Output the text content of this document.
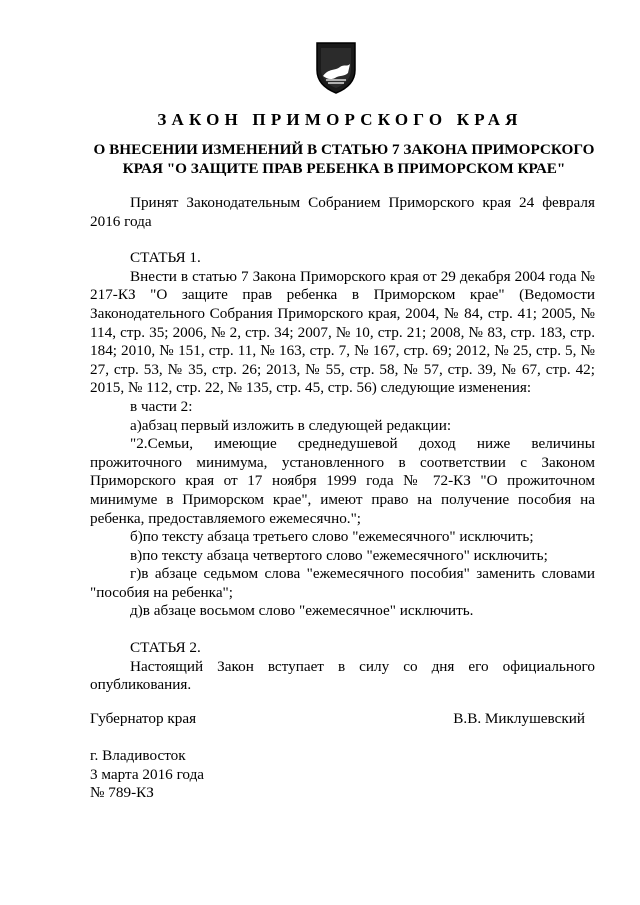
ЗАКОН ПРИМОРСКОГО КРАЯ
О ВНЕСЕНИИ ИЗМЕНЕНИЙ В СТАТЬЮ 7 ЗАКОНА ПРИМОРСКОГО
КРАЯ "О ЗАЩИТЕ ПРАВ РЕБЕНКА В ПРИМОРСКОМ КРАЕ"

Принят Законодательным Собранием Приморского края 24 февраля 2016 года

СТАТЬЯ 1.

Внести в статью 7 Закона Приморского края от 29 декабря 2004 года № 217-КЗ "О защите прав ребенка в Приморском крае" (Ведомости Законодательного Собрания Приморского края, 2004, № 84, стр. 41; 2005, № 114, стр. 35; 2006, № 2, стр. 34; 2007, № 10, стр. 21; 2008, № 83, стр. 183, стр. 184; 2010, № 151, стр. 11, № 163, стр. 7, № 167, стр. 69; 2012, № 25, стр. 5, № 27, стр. 53, № 35, стр. 26; 2013, № 55, стр. 58, № 57, стр. 39, № 67, стр. 42; 2015, № 112, стр. 22, № 135, стр. 45, стр. 56) следующие изменения:

в части 2:

а)абзац первый изложить в следующей редакции:

"2.Семьи, имеющие среднедушевой доход ниже величины прожиточного минимума, установленного в соответствии с Законом Приморского края от 17 ноября 1999 года № 72-КЗ "О прожиточном минимуме в Приморском крае", имеют право на получение пособия на ребенка, предоставляемого ежемесячно.";

б)по тексту абзаца третьего слово "ежемесячного" исключить;

в)по тексту абзаца четвертого слово "ежемесячного" исключить;

г)в абзаце седьмом слова "ежемесячного пособия" заменить словами "пособия на ребенка";

д)в абзаце восьмом слово "ежемесячное" исключить.

СТАТЬЯ 2.

Настоящий Закон вступает в силу со дня его официального опубликования.

Губернатор края	В.В. Миклушевский
г. Владивосток
3 марта 2016 года
№ 789-КЗ
